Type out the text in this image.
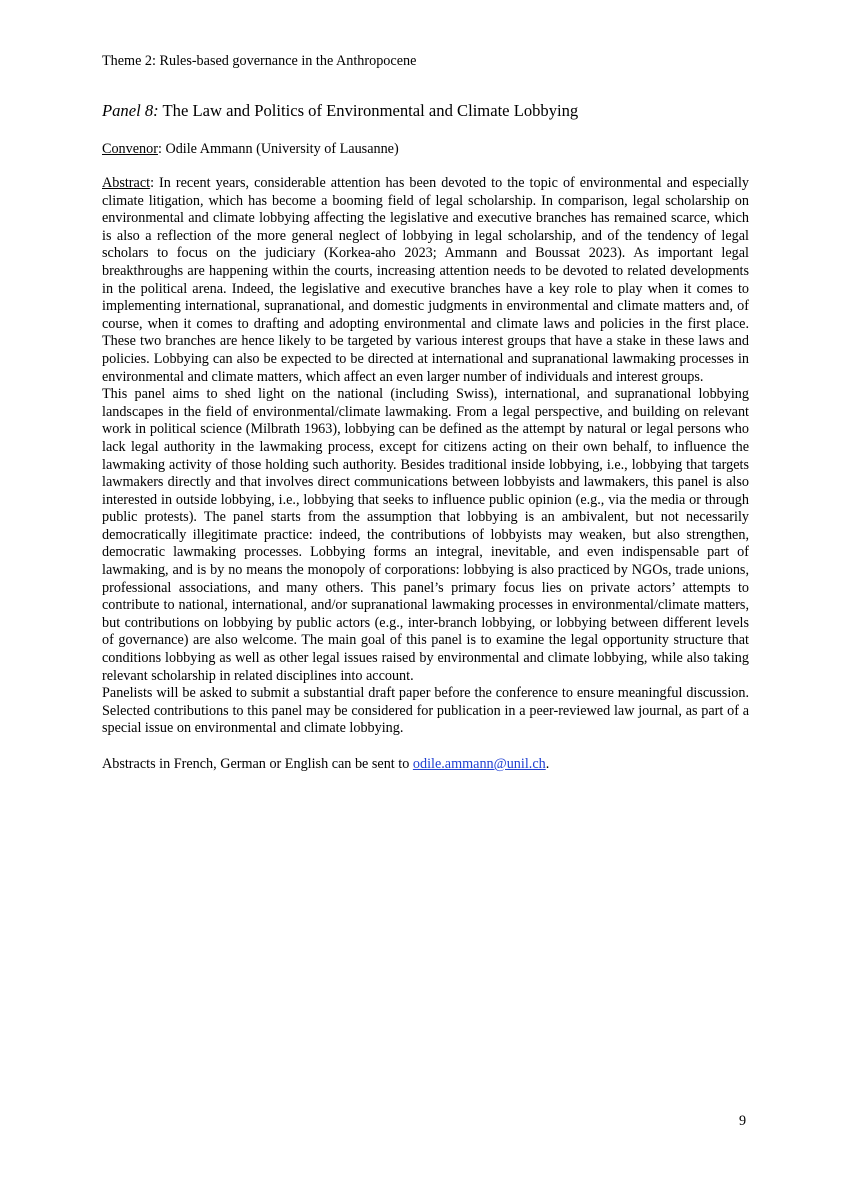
Theme 2: Rules-based governance in the Anthropocene

Panel 8: The Law and Politics of Environmental and Climate Lobbying

Convenor: Odile Ammann (University of Lausanne)

Abstract: In recent years, considerable attention has been devoted to the topic of environmental and especially climate litigation, which has become a booming field of legal scholarship. In comparison, legal scholarship on environmental and climate lobbying affecting the legislative and executive branches has remained scarce, which is also a reflection of the more general neglect of lobbying in legal scholarship, and of the tendency of legal scholars to focus on the judiciary (Korkea-aho 2023; Ammann and Boussat 2023). As important legal breakthroughs are happening within the courts, increasing attention needs to be devoted to related developments in the political arena. Indeed, the legislative and executive branches have a key role to play when it comes to implementing international, supranational, and domestic judgments in environmental and climate matters and, of course, when it comes to drafting and adopting environmental and climate laws and policies in the first place. These two branches are hence likely to be targeted by various interest groups that have a stake in these laws and policies. Lobbying can also be expected to be directed at international and supranational lawmaking processes in environmental and climate matters, which affect an even larger number of individuals and interest groups.

This panel aims to shed light on the national (including Swiss), international, and supranational lobbying landscapes in the field of environmental/climate lawmaking. From a legal perspective, and building on relevant work in political science (Milbrath 1963), lobbying can be defined as the attempt by natural or legal persons who lack legal authority in the lawmaking process, except for citizens acting on their own behalf, to influence the lawmaking activity of those holding such authority. Besides traditional inside lobbying, i.e., lobbying that targets lawmakers directly and that involves direct communications between lobbyists and lawmakers, this panel is also interested in outside lobbying, i.e., lobbying that seeks to influence public opinion (e.g., via the media or through public protests). The panel starts from the assumption that lobbying is an ambivalent, but not necessarily democratically illegitimate practice: indeed, the contributions of lobbyists may weaken, but also strengthen, democratic lawmaking processes. Lobbying forms an integral, inevitable, and even indispensable part of lawmaking, and is by no means the monopoly of corporations: lobbying is also practiced by NGOs, trade unions, professional associations, and many others. This panel’s primary focus lies on private actors’ attempts to contribute to national, international, and/or supranational lawmaking processes in environmental/climate matters, but contributions on lobbying by public actors (e.g., inter-branch lobbying, or lobbying between different levels of governance) are also welcome. The main goal of this panel is to examine the legal opportunity structure that conditions lobbying as well as other legal issues raised by environmental and climate lobbying, while also taking relevant scholarship in related disciplines into account.

Panelists will be asked to submit a substantial draft paper before the conference to ensure meaningful discussion. Selected contributions to this panel may be considered for publication in a peer-reviewed law journal, as part of a special issue on environmental and climate lobbying.

Abstracts in French, German or English can be sent to odile.ammann@unil.ch.

9
